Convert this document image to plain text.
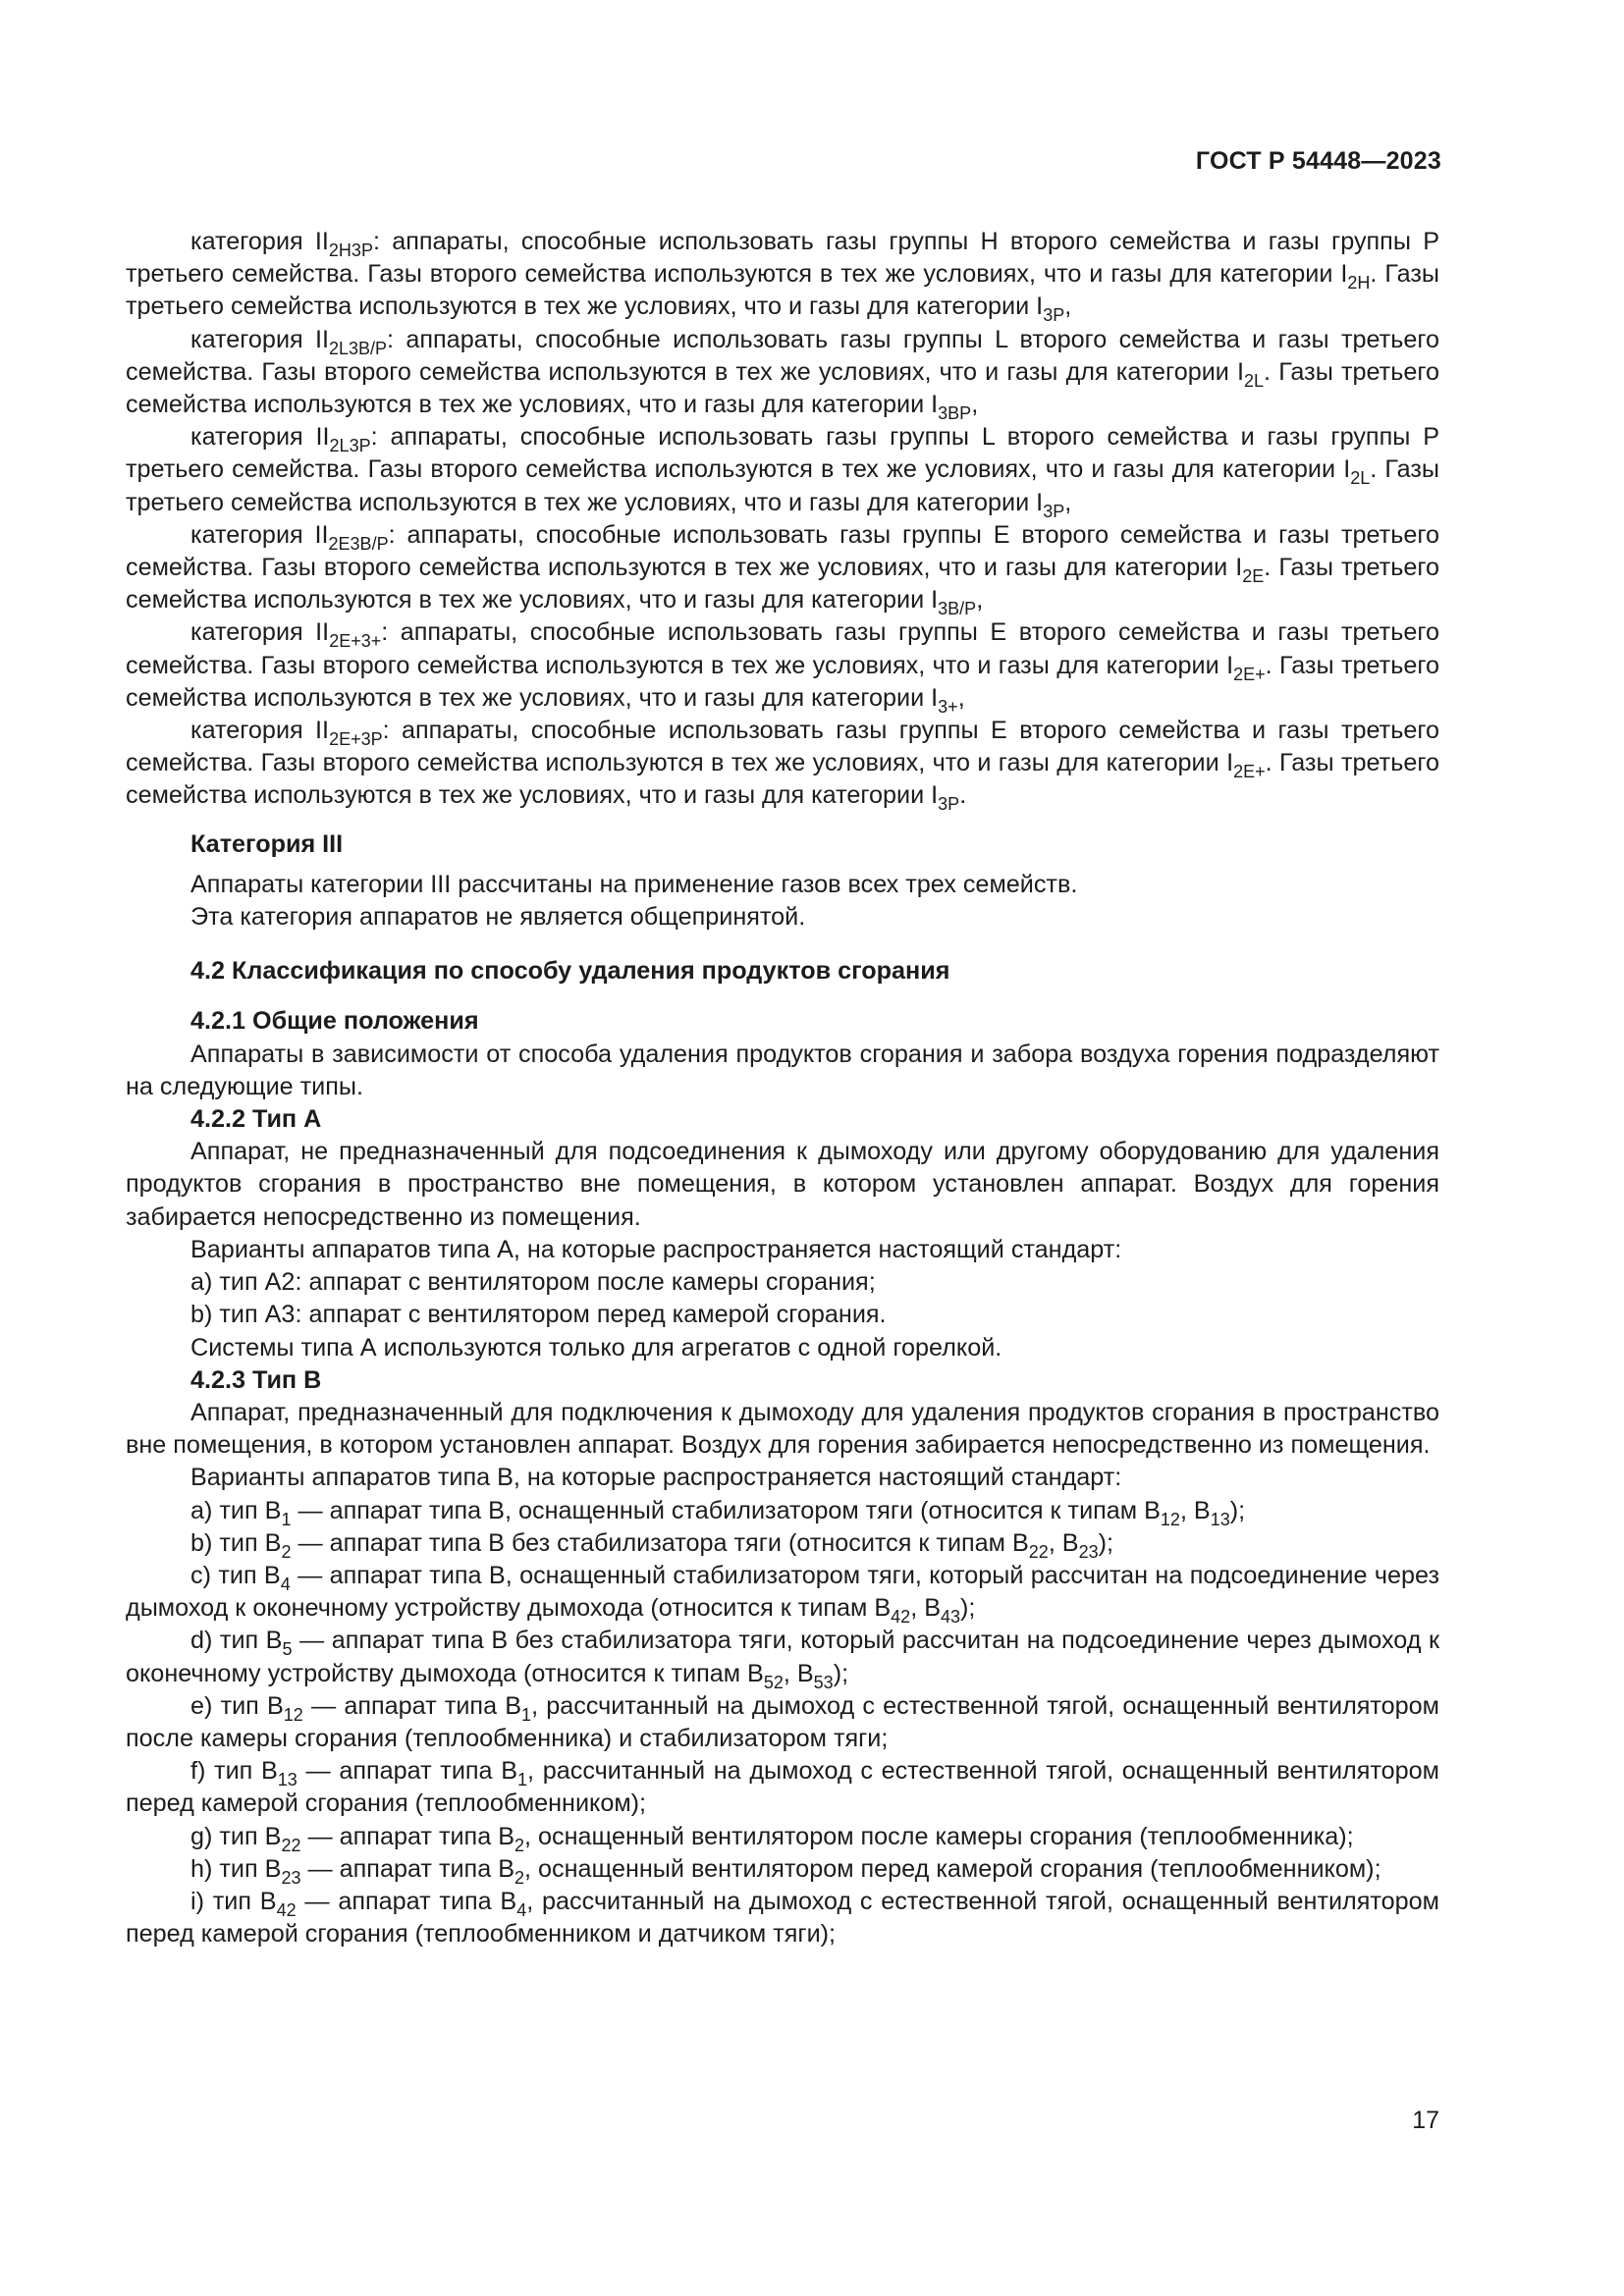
ГОСТ Р 54448—2023

категория $II_{2H3P}$: аппараты, способные использовать газы группы Н второго семейства и газы группы Р третьего семейства. Газы второго семейства используются в тех же условиях, что и газы для категории $I_{2H}$. Газы третьего семейства используются в тех же условиях, что и газы для категории $I_{3P}$,

категория $II_{2L3B/P}$: аппараты, способные использовать газы группы L второго семейства и газы третьего семейства. Газы второго семейства используются в тех же условиях, что и газы для категории $I_{2L}$. Газы третьего семейства используются в тех же условиях, что и газы для категории $I_{3BP}$,

категория $II_{2L3P}$: аппараты, способные использовать газы группы L второго семейства и газы группы Р третьего семейства. Газы второго семейства используются в тех же условиях, что и газы для категории $I_{2L}$. Газы третьего семейства используются в тех же условиях, что и газы для категории $I_{3P}$,

категория $II_{2E3B/P}$: аппараты, способные использовать газы группы Е второго семейства и газы третьего семейства. Газы второго семейства используются в тех же условиях, что и газы для категории $I_{2E}$. Газы третьего семейства используются в тех же условиях, что и газы для категории $I_{3B/P}$,

категория $II_{2E+3+}$: аппараты, способные использовать газы группы Е второго семейства и газы третьего семейства. Газы второго семейства используются в тех же условиях, что и газы для категории $I_{2E+}$. Газы третьего семейства используются в тех же условиях, что и газы для категории $I_{3+}$,

категория $II_{2E+3P}$: аппараты, способные использовать газы группы Е второго семейства и газы третьего семейства. Газы второго семейства используются в тех же условиях, что и газы для категории $I_{2E+}$. Газы третьего семейства используются в тех же условиях, что и газы для категории $I_{3P}$.

Категория III

Аппараты категории III рассчитаны на применение газов всех трех семейств.

Эта категория аппаратов не является общепринятой.

4.2 Классификация по способу удаления продуктов сгорания
4.2.1 Общие положения

Аппараты в зависимости от способа удаления продуктов сгорания и забора воздуха горения подразделяют на следующие типы.

4.2.2 Тип А

Аппарат, не предназначенный для подсоединения к дымоходу или другому оборудованию для удаления продуктов сгорания в пространство вне помещения, в котором установлен аппарат. Воздух для горения забирается непосредственно из помещения.

Варианты аппаратов типа А, на которые распространяется настоящий стандарт:

a) тип A2: аппарат с вентилятором после камеры сгорания;

b) тип A3: аппарат с вентилятором перед камерой сгорания.

Системы типа А используются только для агрегатов с одной горелкой.

4.2.3 Тип В

Аппарат, предназначенный для подключения к дымоходу для удаления продуктов сгорания в пространство вне помещения, в котором установлен аппарат. Воздух для горения забирается непосредственно из помещения.

Варианты аппаратов типа В, на которые распространяется настоящий стандарт:

a) тип $B_1$ — аппарат типа В, оснащенный стабилизатором тяги (относится к типам $B_{12}$, $B_{13}$);

b) тип $B_2$ — аппарат типа В без стабилизатора тяги (относится к типам $B_{22}$, $B_{23}$);

c) тип $B_4$ — аппарат типа В, оснащенный стабилизатором тяги, который рассчитан на подсоединение через дымоход к оконечному устройству дымохода (относится к типам $B_{42}$, $B_{43}$);

d) тип $B_5$ — аппарат типа В без стабилизатора тяги, который рассчитан на подсоединение через дымоход к оконечному устройству дымохода (относится к типам $B_{52}$, $B_{53}$);

e) тип $B_{12}$ — аппарат типа $B_1$, рассчитанный на дымоход с естественной тягой, оснащенный вентилятором после камеры сгорания (теплообменника) и стабилизатором тяги;

f) тип $B_{13}$ — аппарат типа $B_1$, рассчитанный на дымоход с естественной тягой, оснащенный вентилятором перед камерой сгорания (теплообменником);

g) тип $B_{22}$ — аппарат типа $B_2$, оснащенный вентилятором после камеры сгорания (теплообменника);

h) тип $B_{23}$ — аппарат типа $B_2$, оснащенный вентилятором перед камерой сгорания (теплообменником);

i) тип $B_{42}$ — аппарат типа $B_4$, рассчитанный на дымоход с естественной тягой, оснащенный вентилятором перед камерой сгорания (теплообменником и датчиком тяги);

17
